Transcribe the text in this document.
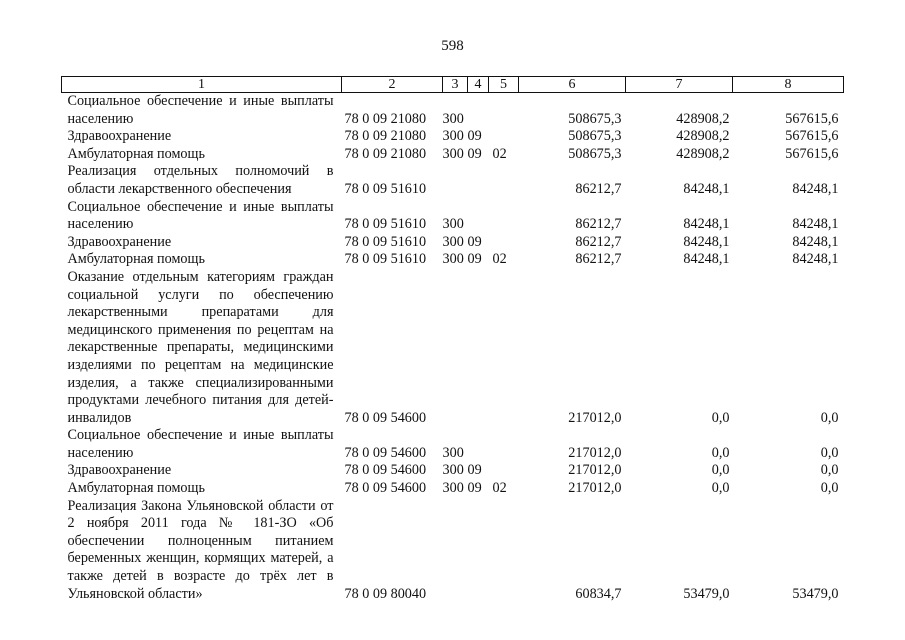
598
1	2	3	4	5	6	7	8
Социальное обеспечение и иные выплаты населению	78 0 09 21080	300			508675,3	428908,2	567615,6
Здравоохранение	78 0 09 21080	300	09		508675,3	428908,2	567615,6
Амбулаторная помощь	78 0 09 21080	300	09	02	508675,3	428908,2	567615,6
Реализация отдельных полномочий в области лекарственного обеспечения	78 0 09 51610				86212,7	84248,1	84248,1
Социальное обеспечение и иные выплаты населению	78 0 09 51610	300			86212,7	84248,1	84248,1
Здравоохранение	78 0 09 51610	300	09		86212,7	84248,1	84248,1
Амбулаторная помощь	78 0 09 51610	300	09	02	86212,7	84248,1	84248,1
Оказание отдельным категориям граждан социальной услуги по обеспечению лекарственными препаратами для медицинского применения по рецептам на лекарственные препараты, медицинскими изделиями по рецептам на медицинские изделия, а также специализированными продуктами лечебного питания для детей-инвалидов	78 0 09 54600				217012,0	0,0	0,0
Социальное обеспечение и иные выплаты населению	78 0 09 54600	300			217012,0	0,0	0,0
Здравоохранение	78 0 09 54600	300	09		217012,0	0,0	0,0
Амбулаторная помощь	78 0 09 54600	300	09	02	217012,0	0,0	0,0
Реализация Закона Ульяновской области от 2 ноября 2011 года № 181-ЗО «Об обеспечении полноценным питанием беременных женщин, кормящих матерей, а также детей в возрасте до трёх лет в Ульяновской области»	78 0 09 80040				60834,7	53479,0	53479,0
